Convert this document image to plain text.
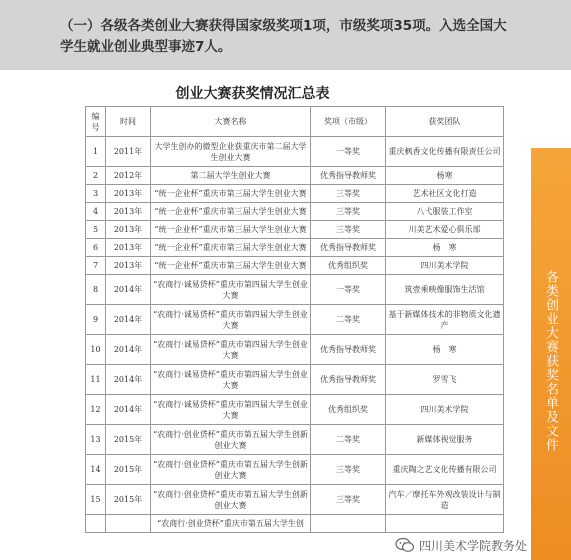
（一）各级各类创业大赛获得国家级奖项1项，市级奖项35项。入选全国大学生就业创业典型事迹7人。
创业大赛获奖情况汇总表
编号	时间	大赛名称	奖项（市级）	获奖团队
1	2011年	大学生创办的微型企业获重庆市第二届大学生创业大赛	一等奖	重庆枫香文化传播有限责任公司
2	2012年	第二届大学生创业大赛	优秀指导教师奖	杨寒
3	2013年	“统一企业杯”重庆市第三届大学生创业大赛	三等奖	艺术社区文化打造
4	2013年	“统一企业杯”重庆市第三届大学生创业大赛	三等奖	八弋服装工作室
5	2013年	“统一企业杯”重庆市第三届大学生创业大赛	三等奖	川美艺术爱心俱乐部
6	2013年	“统一企业杯”重庆市第三届大学生创业大赛	优秀指导教师奖	杨　寒
7	2013年	“统一企业杯”重庆市第三届大学生创业大赛	优秀组织奖	四川美术学院
8	2014年	“农商行·诚易贷杯”重庆市第四届大学生创业大赛	一等奖	筑壹乘映像服饰生活馆
9	2014年	“农商行·诚易贷杯”重庆市第四届大学生创业大赛	二等奖	基于新媒体技术的非物质文化遗产
10	2014年	“农商行·诚易贷杯”重庆市第四届大学生创业大赛	优秀指导教师奖	杨　寒
11	2014年	“农商行·诚易贷杯”重庆市第四届大学生创业大赛	优秀指导教师奖	罗雪飞
12	2014年	“农商行·诚易贷杯”重庆市第四届大学生创业大赛	优秀组织奖	四川美术学院
13	2015年	“农商行·创业贷杯”重庆市第五届大学生创新创业大赛	二等奖	新媒体视觉服务
14	2015年	“农商行·创业贷杯”重庆市第五届大学生创新创业大赛	三等奖	重庆陶之艺文化传播有限公司
15	2015年	“农商行·创业贷杯”重庆市第五届大学生创新创业大赛	三等奖	汽车／摩托车外观改装设计与制造
		“农商行·创业贷杯”重庆市第五届大学生创		
各类创业大赛获奖名单及文件
四川美术学院教务处
